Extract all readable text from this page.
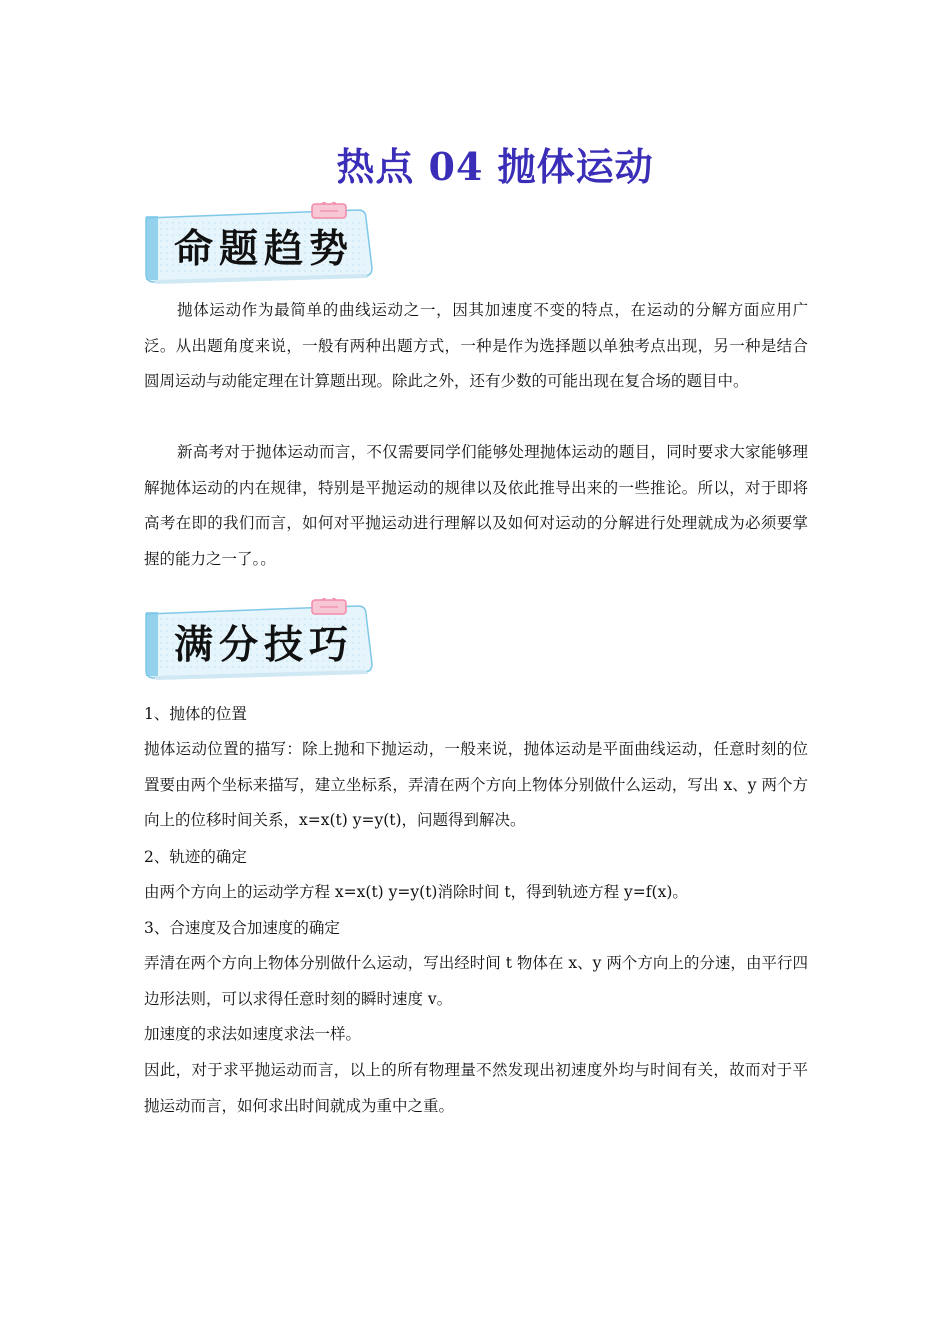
热点 04 抛体运动
命题趋势

抛体运动作为最简单的曲线运动之一，因其加速度不变的特点，在运动的分解方面应用广泛。从出题角度来说，一般有两种出题方式，一种是作为选择题以单独考点出现，另一种是结合圆周运动与动能定理在计算题出现。除此之外，还有少数的可能出现在复合场的题目中。

新高考对于抛体运动而言，不仅需要同学们能够处理抛体运动的题目，同时要求大家能够理解抛体运动的内在规律，特别是平抛运动的规律以及依此推导出来的一些推论。所以，对于即将高考在即的我们而言，如何对平抛运动进行理解以及如何对运动的分解进行处理就成为必须要掌握的能力之一了。。

满分技巧

1、抛体的位置

抛体运动位置的描写：除上抛和下抛运动，一般来说，抛体运动是平面曲线运动，任意时刻的位置要由两个坐标来描写，建立坐标系，弄清在两个方向上物体分别做什么运动，写出 x、y 两个方向上的位移时间关系，x=x(t) y=y(t)，问题得到解决。

2、轨迹的确定

由两个方向上的运动学方程 x=x(t) y=y(t)消除时间 t，得到轨迹方程 y=f(x)。

3、合速度及合加速度的确定

弄清在两个方向上物体分别做什么运动，写出经时间 t 物体在 x、y 两个方向上的分速，由平行四边形法则，可以求得任意时刻的瞬时速度 v。

加速度的求法如速度求法一样。

因此，对于求平抛运动而言，以上的所有物理量不然发现出初速度外均与时间有关，故而对于平抛运动而言，如何求出时间就成为重中之重。
